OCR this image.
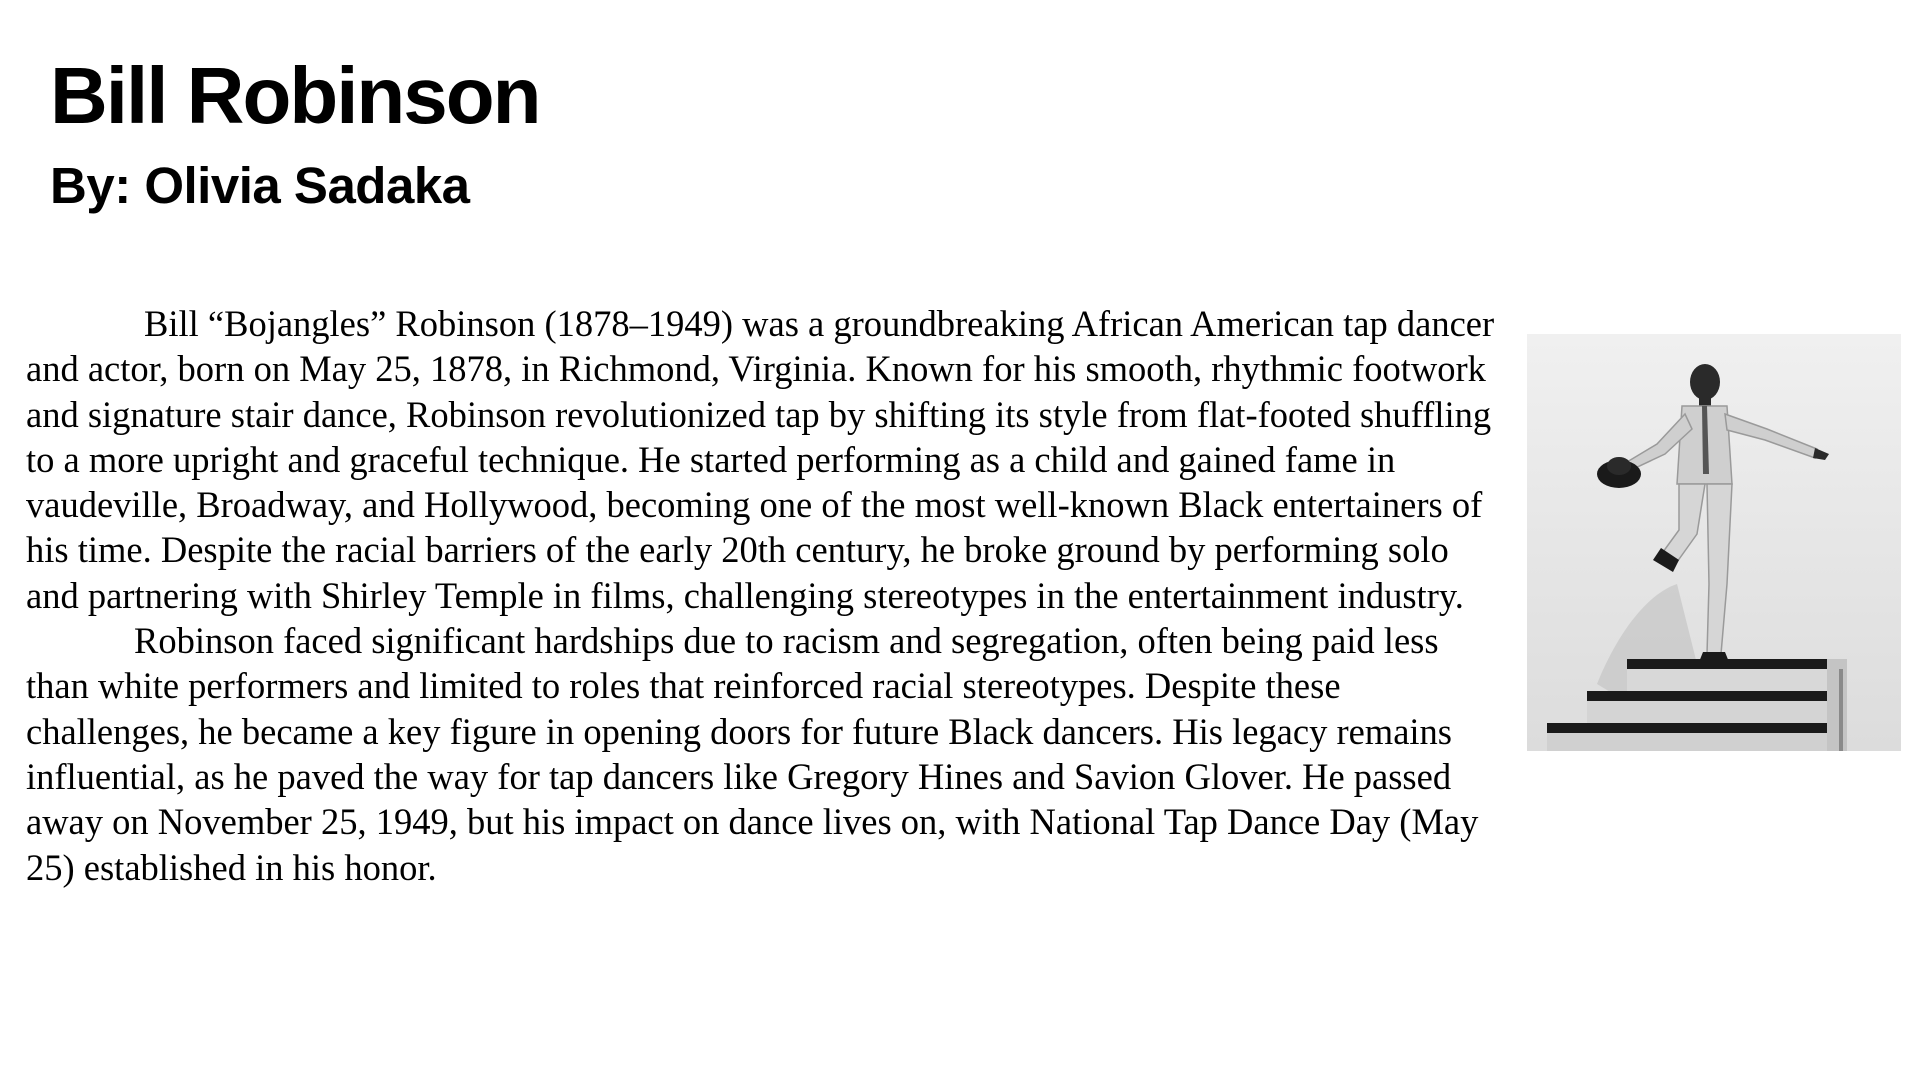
Bill Robinson
By: Olivia Sadaka

Bill “Bojangles” Robinson (1878–1949) was a groundbreaking African American tap dancer and actor, born on May 25, 1878, in Richmond, Virginia. Known for his smooth, rhythmic footwork and signature stair dance, Robinson revolutionized tap by shifting its style from flat-footed shuffling to a more upright and graceful technique. He started performing as a child and gained fame in vaudeville, Broadway, and Hollywood, becoming one of the most well-known Black entertainers of his time. Despite the racial barriers of the early 20th century, he broke ground by performing solo and partnering with Shirley Temple in films, challenging stereotypes in the entertainment industry.

Robinson faced significant hardships due to racism and segregation, often being paid less than white performers and limited to roles that reinforced racial stereotypes. Despite these challenges, he became a key figure in opening doors for future Black dancers. His legacy remains influential, as he paved the way for tap dancers like Gregory Hines and Savion Glover. He passed away on November 25, 1949, but his impact on dance lives on, with National Tap Dance Day (May 25) established in his honor.
